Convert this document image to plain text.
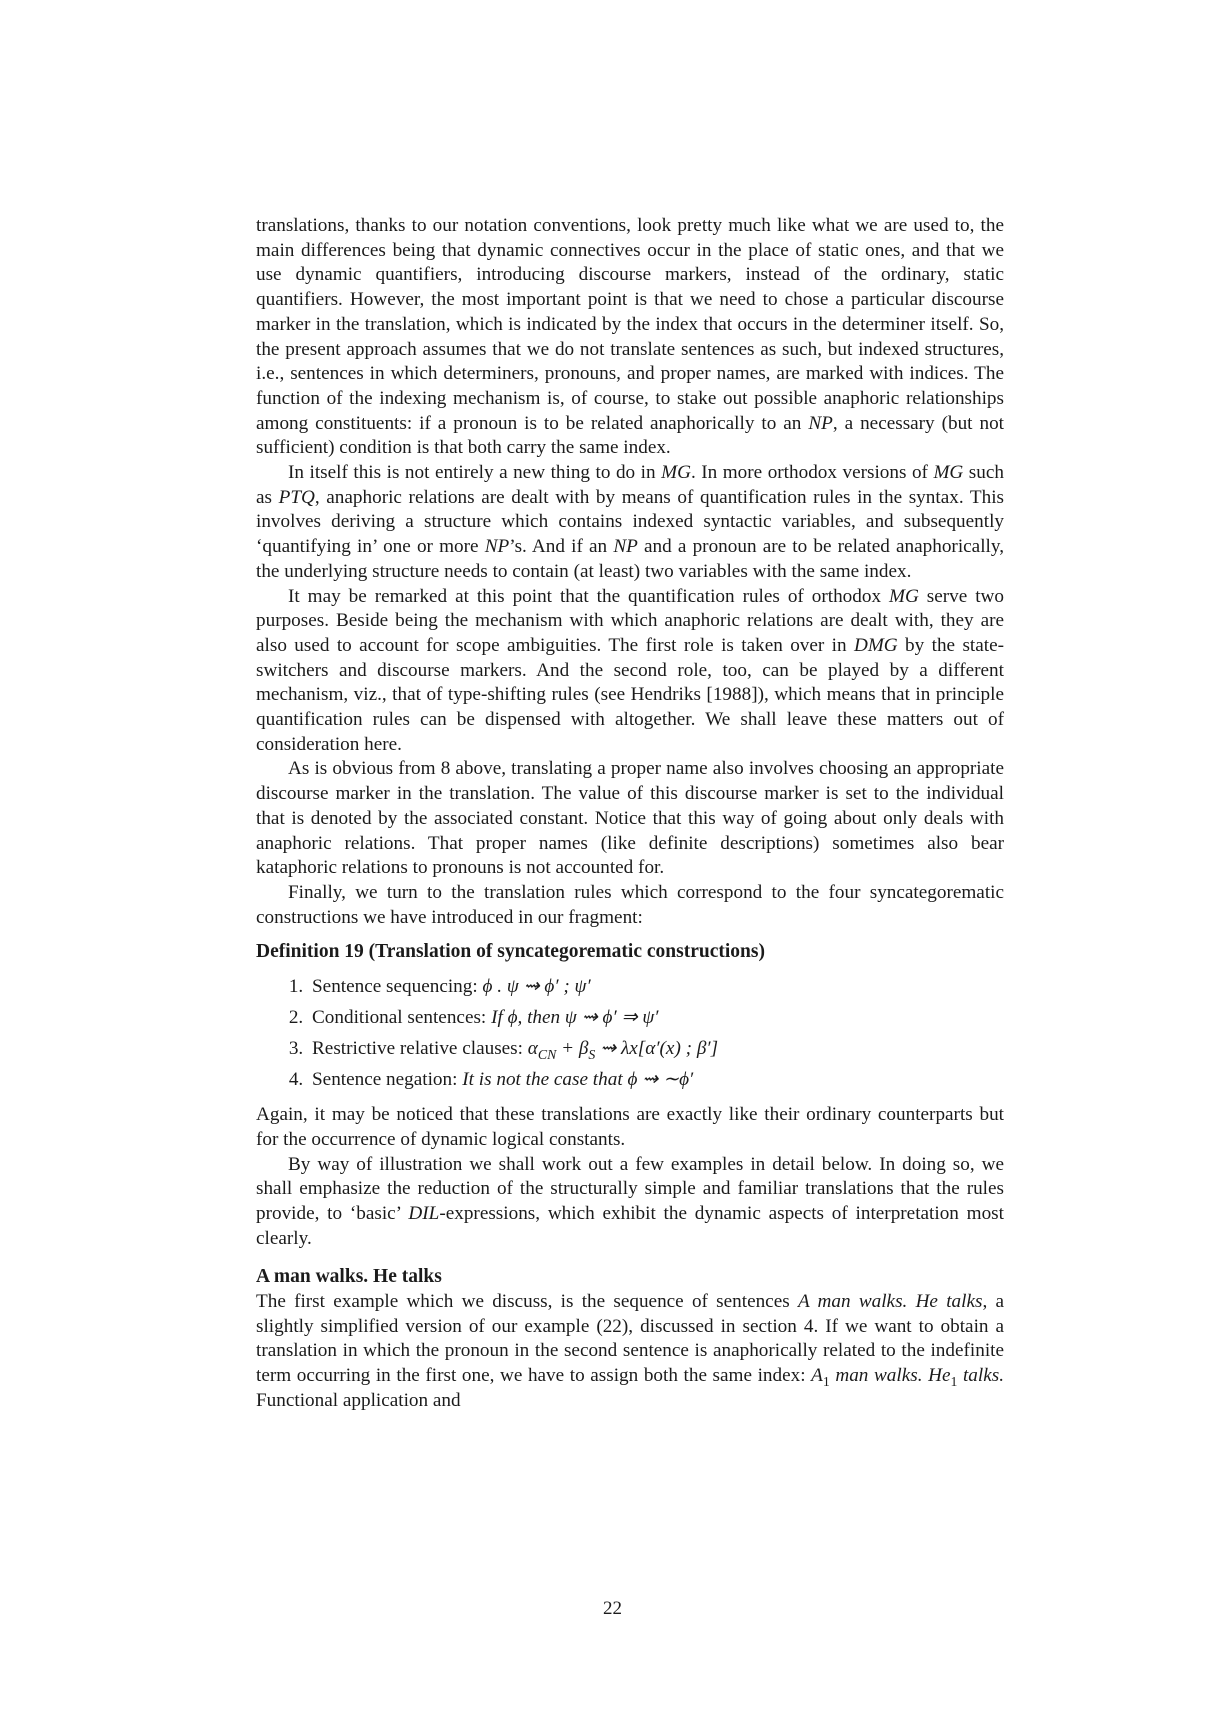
translations, thanks to our notation conventions, look pretty much like what we are used to, the main differences being that dynamic connectives occur in the place of static ones, and that we use dynamic quantifiers, introducing discourse markers, instead of the ordinary, static quantifiers. However, the most important point is that we need to chose a particular discourse marker in the translation, which is indicated by the index that occurs in the determiner itself. So, the present approach assumes that we do not translate sentences as such, but indexed structures, i.e., sentences in which determiners, pronouns, and proper names, are marked with indices. The function of the indexing mechanism is, of course, to stake out possible anaphoric relationships among constituents: if a pronoun is to be related anaphorically to an NP, a necessary (but not sufficient) condition is that both carry the same index.

In itself this is not entirely a new thing to do in MG. In more orthodox versions of MG such as PTQ, anaphoric relations are dealt with by means of quantification rules in the syntax. This involves deriving a structure which contains indexed syntactic variables, and subsequently ‘quantifying in’ one or more NP’s. And if an NP and a pronoun are to be related anaphorically, the underlying structure needs to contain (at least) two variables with the same index.

It may be remarked at this point that the quantification rules of orthodox MG serve two purposes. Beside being the mechanism with which anaphoric relations are dealt with, they are also used to account for scope ambiguities. The first role is taken over in DMG by the state-switchers and discourse markers. And the second role, too, can be played by a different mechanism, viz., that of type-shifting rules (see Hendriks [1988]), which means that in principle quantification rules can be dispensed with altogether. We shall leave these matters out of consideration here.

As is obvious from 8 above, translating a proper name also involves choosing an appropriate discourse marker in the translation. The value of this discourse marker is set to the individual that is denoted by the associated constant. Notice that this way of going about only deals with anaphoric relations. That proper names (like definite descriptions) sometimes also bear kataphoric relations to pronouns is not accounted for.

Finally, we turn to the translation rules which correspond to the four syncategorematic constructions we have introduced in our fragment:

Definition 19 (Translation of syncategorematic constructions)
1. Sentence sequencing: ϕ . ψ ⇝ ϕ′ ; ψ′
2. Conditional sentences: If ϕ, then ψ ⇝ ϕ′ ⇒ ψ′
3. Restrictive relative clauses: $\alpha_{CN} + \beta_S$ ⇝ λx[α′(x) ; β′]
4. Sentence negation: It is not the case that ϕ ⇝ ∼ϕ′

Again, it may be noticed that these translations are exactly like their ordinary counterparts but for the occurrence of dynamic logical constants.

By way of illustration we shall work out a few examples in detail below. In doing so, we shall emphasize the reduction of the structurally simple and familiar translations that the rules provide, to ‘basic’ DIL-expressions, which exhibit the dynamic aspects of interpretation most clearly.

A man walks. He talks

The first example which we discuss, is the sequence of sentences A man walks. He talks, a slightly simplified version of our example (22), discussed in section 4. If we want to obtain a translation in which the pronoun in the second sentence is anaphorically related to the indefinite term occurring in the first one, we have to assign both the same index: $A_1$ man walks. $He_1$ talks. Functional application and

22
